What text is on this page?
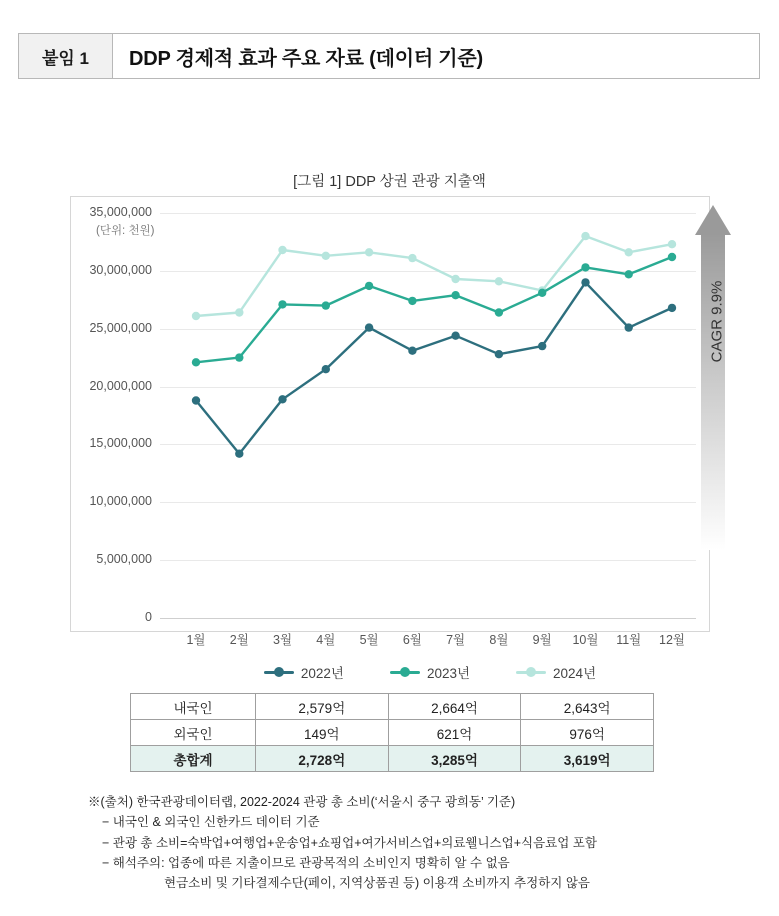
붙임 1	DDP 경제적 효과 주요 자료 (데이터 기준)
[그림 1] DDP 상권 관광 지출액
(단위: 천원)
0
5,000,000
10,000,000
15,000,000
20,000,000
25,000,000
30,000,000
35,000,000
1월	2월	3월	4월	5월	6월	7월	8월	9월	10월	11월	12월
CAGR 9.9%
2022년	2023년	2024년
내국인	2,579억	2,664억	2,643억
외국인	149억	621억	976억
총합계	2,728억	3,285억	3,619억
※(출처) 한국관광데이터랩, 2022-2024 관광 총 소비(‘서울시 중구 광희동’ 기준)
− 내국인 & 외국인 신한카드 데이터 기준
− 관광 총 소비=숙박업+여행업+운송업+쇼핑업+여가서비스업+의료웰니스업+식음료업 포함
− 해석주의: 업종에 따른 지출이므로 관광목적의 소비인지 명확히 알 수 없음
현금소비 및 기타결제수단(페이, 지역상품권 등) 이용객 소비까지 추정하지 않음
